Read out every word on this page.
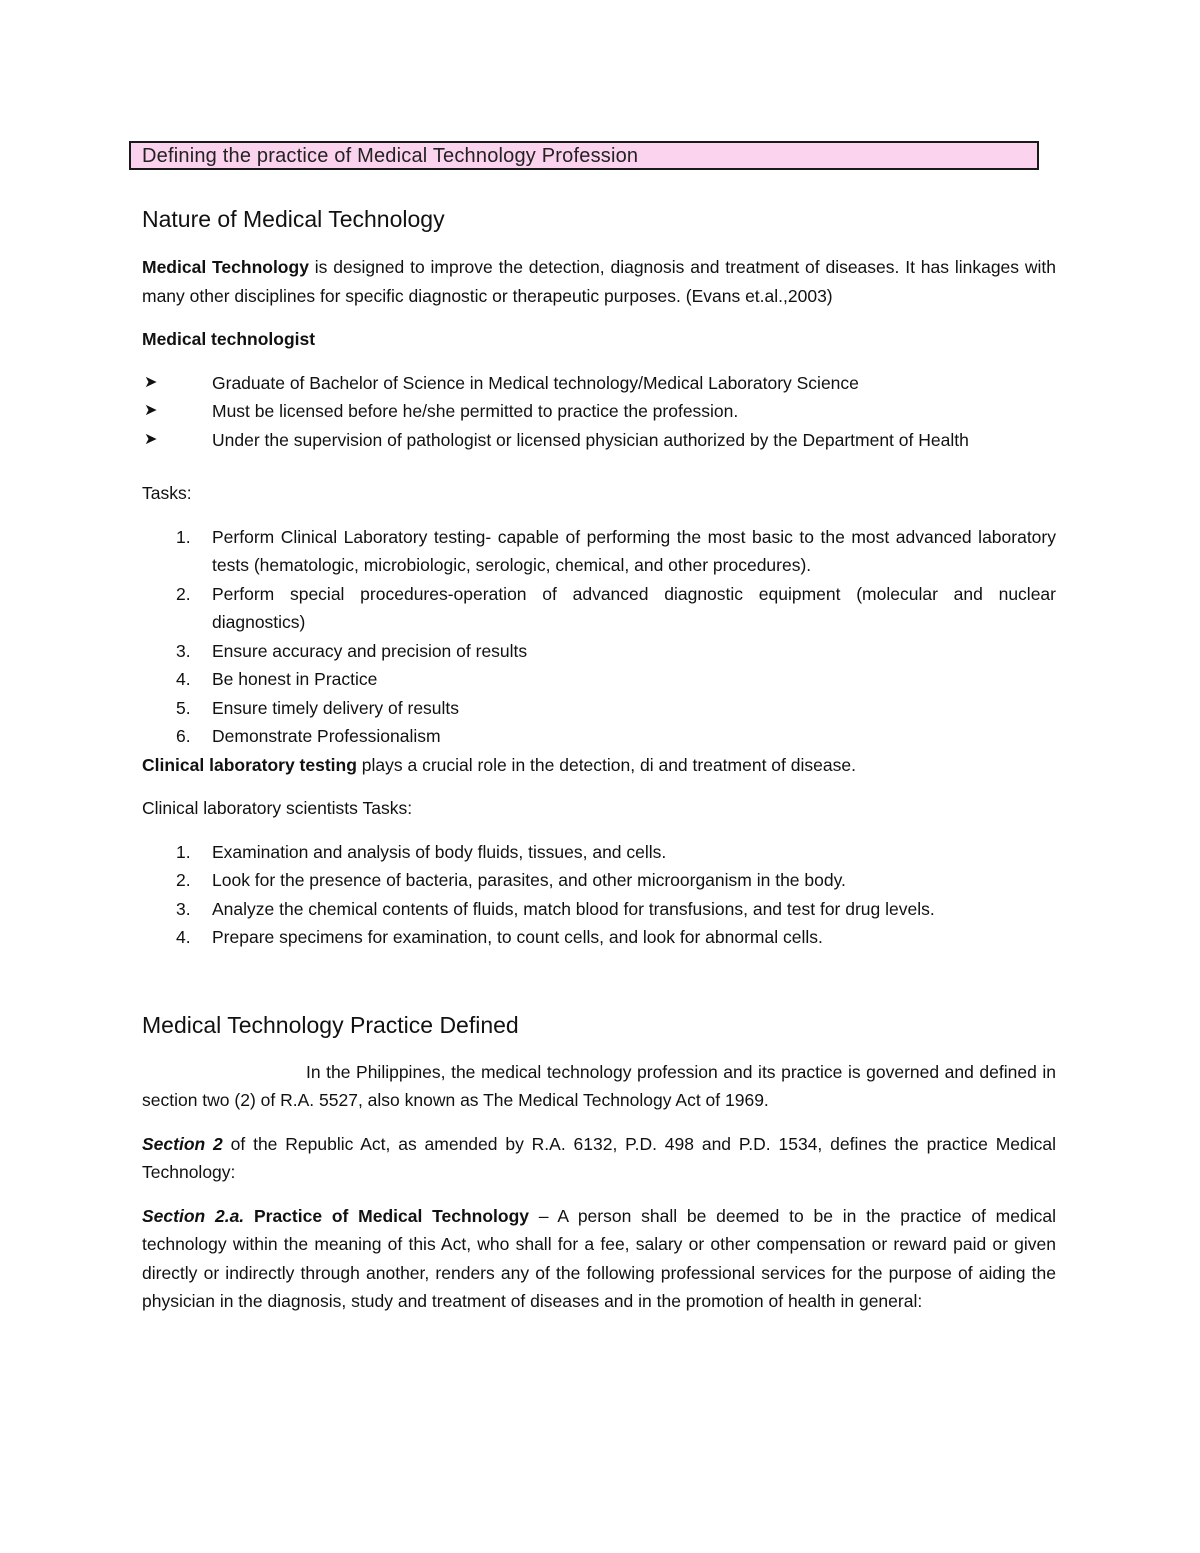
Defining the practice of Medical Technology Profession
Nature of Medical Technology

Medical Technology is designed to improve the detection, diagnosis and treatment of diseases. It has linkages with many other disciplines for specific diagnostic or therapeutic purposes. (Evans et.al.,2003)

Medical technologist

➤	Graduate of Bachelor of Science in Medical technology/Medical Laboratory Science
➤	Must be licensed before he/she permitted to practice the profession.
➤	Under the supervision of pathologist or licensed physician authorized by the Department of Health

Tasks:

1. Perform Clinical Laboratory testing- capable of performing the most basic to the most advanced laboratory tests (hematologic, microbiologic, serologic, chemical, and other procedures).
2. Perform special procedures-operation of advanced diagnostic equipment (molecular and nuclear diagnostics)
3. Ensure accuracy and precision of results
4. Be honest in Practice
5. Ensure timely delivery of results
6. Demonstrate Professionalism

Clinical laboratory testing plays a crucial role in the detection, di and treatment of disease.

Clinical laboratory scientists Tasks:

1. Examination and analysis of body fluids, tissues, and cells.
2. Look for the presence of bacteria, parasites, and other microorganism in the body.
3. Analyze the chemical contents of fluids, match blood for transfusions, and test for drug levels.
4. Prepare specimens for examination, to count cells, and look for abnormal cells.
Medical Technology Practice Defined

In the Philippines, the medical technology profession and its practice is governed and defined in section two (2) of R.A. 5527, also known as The Medical Technology Act of 1969.

Section 2 of the Republic Act, as amended by R.A. 6132, P.D. 498 and P.D. 1534, defines the practice Medical Technology:

Section 2.a. Practice of Medical Technology – A person shall be deemed to be in the practice of medical technology within the meaning of this Act, who shall for a fee, salary or other compensation or reward paid or given directly or indirectly through another, renders any of the following professional services for the purpose of aiding the physician in the diagnosis, study and treatment of diseases and in the promotion of health in general:
